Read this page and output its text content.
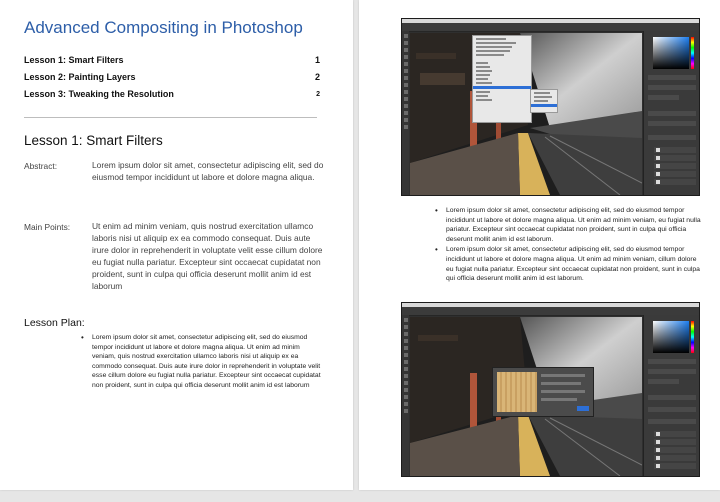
Advanced Compositing in Photoshop
Lesson 1: Smart Filters	1
Lesson 2: Painting Layers	2
Lesson 3: Tweaking the Resolution	2
Lesson 1: Smart Filters
Abstract:	Lorem ipsum dolor sit amet, consectetur adipiscing elit, sed do eiusmod tempor incididunt ut labore et dolore magna aliqua.
Main Points:	Ut enim ad minim veniam, quis nostrud exercitation ullamco laboris nisi ut aliquip ex ea commodo consequat. Duis aute irure dolor in reprehenderit in voluptate velit esse cillum dolore eu fugiat nulla pariatur. Excepteur sint occaecat cupidatat non proident, sunt in culpa qui officia deserunt mollit anim id est laborum
Lesson Plan:
• Lorem ipsum dolor sit amet, consectetur adipiscing elit, sed do eiusmod tempor incididunt ut labore et dolore magna aliqua. Ut enim ad minim veniam, quis nostrud exercitation ullamco laboris nisi ut aliquip ex ea commodo consequat. Duis aute irure dolor in reprehenderit in voluptate velit esse cillum dolore eu fugiat nulla pariatur. Excepteur sint occaecat cupidatat non proident, sunt in culpa qui officia deserunt mollit anim id est laborum
• Lorem ipsum dolor sit amet, consectetur adipiscing elit, sed do eiusmod tempor incididunt ut labore et dolore magna aliqua. Ut enim ad minim veniam, eu fugiat nulla pariatur. Excepteur sint occaecat cupidatat non proident, sunt in culpa qui officia deserunt mollit anim id est laborum.
• Lorem ipsum dolor sit amet, consectetur adipiscing elit, sed do eiusmod tempor incididunt ut labore et dolore magna aliqua. Ut enim ad minim veniam, cillum dolore eu fugiat nulla pariatur. Excepteur sint occaecat cupidatat non proident, sunt in culpa qui officia deserunt mollit anim id est laborum.
